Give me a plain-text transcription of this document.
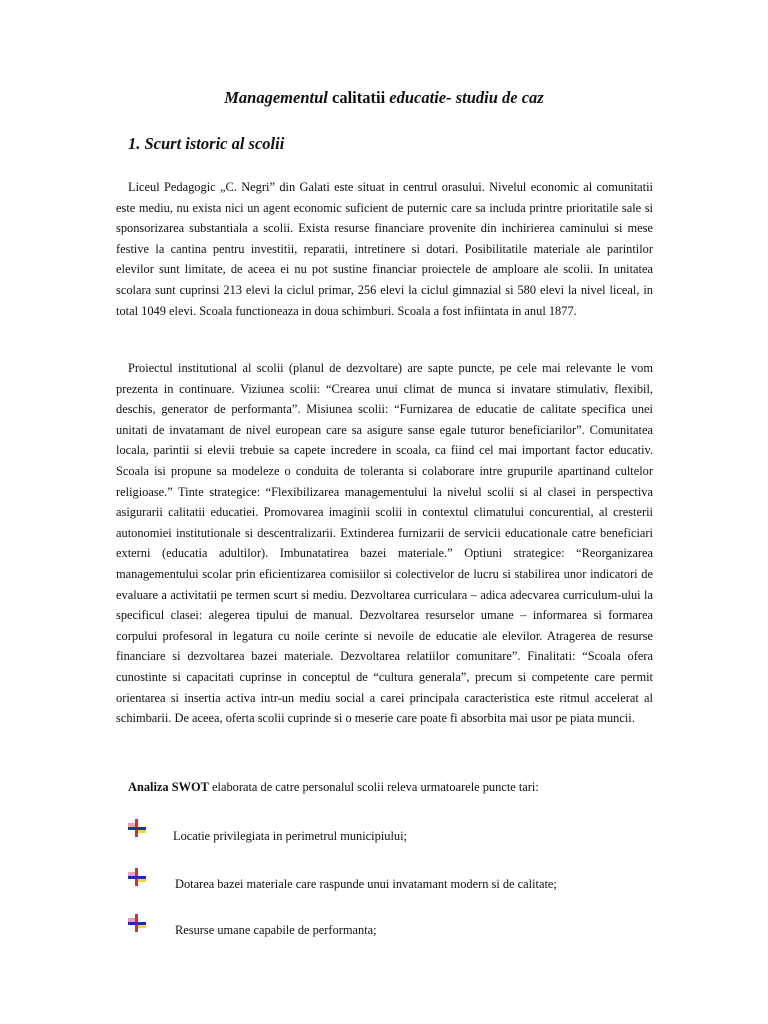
Managementul calitatii educatie- studiu de caz
1. Scurt istoric al scolii

Liceul Pedagogic „C. Negri” din Galati este situat in centrul orasului. Nivelul economic al comunitatii este mediu, nu exista nici un agent economic suficient de puternic care sa includa printre prioritatile sale si sponsorizarea substantiala a scolii. Exista resurse financiare provenite din inchirierea caminului si mese festive la cantina pentru investitii, reparatii, intretinere si dotari. Posibilitatile materiale ale parintilor elevilor sunt limitate, de aceea ei nu pot sustine financiar proiectele de amploare ale scolii. In unitatea scolara sunt cuprinsi 213 elevi la ciclul primar, 256 elevi la ciclul gimnazial si 580 elevi la nivel liceal, in total 1049 elevi. Scoala functioneaza in doua schimburi. Scoala a fost infiintata in anul 1877.

Proiectul institutional al scolii (planul de dezvoltare) are sapte puncte, pe cele mai relevante le vom prezenta in continuare. Viziunea scolii: “Crearea unui climat de munca si invatare stimulativ, flexibil, deschis, generator de performanta”. Misiunea scolii: “Furnizarea de educatie de calitate specifica unei unitati de invatamant de nivel european care sa asigure sanse egale tuturor beneficiarilor”. Comunitatea locala, parintii si elevii trebuie sa capete incredere in scoala, ca fiind cel mai important factor educativ. Scoala isi propune sa modeleze o conduita de toleranta si colaborare intre grupurile apartinand cultelor religioase.” Tinte strategice: “Flexibilizarea managementului la nivelul scolii si al clasei in perspectiva asigurarii calitatii educatiei. Promovarea imaginii scolii in contextul climatului concurential, al cresterii autonomiei institutionale si descentralizarii. Extinderea furnizarii de servicii educationale catre beneficiari externi (educatia adultilor). Imbunatatirea bazei materiale.” Optiuni strategice: “Reorganizarea managementului scolar prin eficientizarea comisiilor si colectivelor de lucru si stabilirea unor indicatori de evaluare a activitatii pe termen scurt si mediu. Dezvoltarea curriculara – adica adecvarea curriculum-ului la specificul clasei: alegerea tipului de manual. Dezvoltarea resurselor umane – informarea si formarea corpului profesoral in legatura cu noile cerinte si nevoile de educatie ale elevilor. Atragerea de resurse financiare si dezvoltarea bazei materiale. Dezvoltarea relatiilor comunitare”. Finalitati: “Scoala ofera cunostinte si capacitati cuprinse in conceptul de “cultura generala”, precum si competente care permit orientarea si insertia activa intr-un mediu social a carei principala caracteristica este ritmul accelerat al schimbarii. De aceea, oferta scolii cuprinde si o meserie care poate fi absorbita mai usor pe piata muncii.

Analiza SWOT elaborata de catre personalul scolii releva urmatoarele puncte tari:
Locatie privilegiata in perimetrul municipiului;
Dotarea bazei materiale care raspunde unui invatamant modern si de calitate;
Resurse umane capabile de performanta;
